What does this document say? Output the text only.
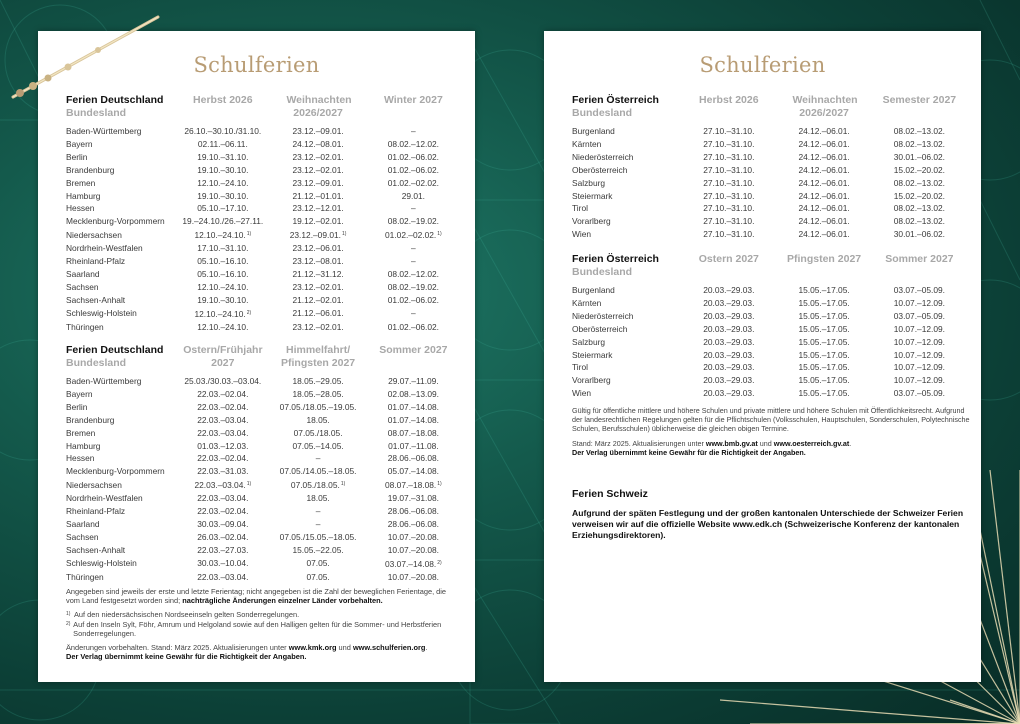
Schulferien
Ferien Deutschland
Bundesland	Herbst 2026	Weihnachten 2026/2027	Winter 2027

Baden-Württemberg	26.10.–30.10./31.10.	23.12.–09.01.	–
Bayern	02.11.–06.11.	24.12.–08.01.	08.02.–12.02.
Berlin	19.10.–31.10.	23.12.–02.01.	01.02.–06.02.
Brandenburg	19.10.–30.10.	23.12.–02.01.	01.02.–06.02.
Bremen	12.10.–24.10.	23.12.–09.01.	01.02.–02.02.
Hamburg	19.10.–30.10.	21.12.–01.01.	29.01.
Hessen	05.10.–17.10.	23.12.–12.01.	–
Mecklenburg-Vorpommern	19.–24.10./26.–27.11.	19.12.–02.01.	08.02.–19.02.
Niedersachsen	12.10.–24.10.$^{1)}$	23.12.–09.01.$^{1)}$	01.02.–02.02.$^{1)}$
Nordrhein-Westfalen	17.10.–31.10.	23.12.–06.01.	–
Rheinland-Pfalz	05.10.–16.10.	23.12.–08.01.	–
Saarland	05.10.–16.10.	21.12.–31.12.	08.02.–12.02.
Sachsen	12.10.–24.10.	23.12.–02.01.	08.02.–19.02.
Sachsen-Anhalt	19.10.–30.10.	21.12.–02.01.	01.02.–06.02.
Schleswig-Holstein	12.10.–24.10.$^{2)}$	21.12.–06.01.	–
Thüringen	12.10.–24.10.	23.12.–02.01.	01.02.–06.02.
Ferien Deutschland
Bundesland	Ostern/Frühjahr 2027	Himmelfahrt/ Pfingsten 2027	Sommer 2027

Baden-Württemberg	25.03./30.03.–03.04.	18.05.–29.05.	29.07.–11.09.
Bayern	22.03.–02.04.	18.05.–28.05.	02.08.–13.09.
Berlin	22.03.–02.04.	07.05./18.05.–19.05.	01.07.–14.08.
Brandenburg	22.03.–03.04.	18.05.	01.07.–14.08.
Bremen	22.03.–03.04.	07.05./18.05.	08.07.–18.08.
Hamburg	01.03.–12.03.	07.05.–14.05.	01.07.–11.08.
Hessen	22.03.–02.04.	–	28.06.–06.08.
Mecklenburg-Vorpommern	22.03.–31.03.	07.05./14.05.–18.05.	05.07.–14.08.
Niedersachsen	22.03.–03.04.$^{1)}$	07.05./18.05.$^{1)}$	08.07.–18.08.$^{1)}$
Nordrhein-Westfalen	22.03.–03.04.	18.05.	19.07.–31.08.
Rheinland-Pfalz	22.03.–02.04.	–	28.06.–06.08.
Saarland	30.03.–09.04.	–	28.06.–06.08.
Sachsen	26.03.–02.04.	07.05./15.05.–18.05.	10.07.–20.08.
Sachsen-Anhalt	22.03.–27.03.	15.05.–22.05.	10.07.–20.08.
Schleswig-Holstein	30.03.–10.04.	07.05.	03.07.–14.08.$^{2)}$
Thüringen	22.03.–03.04.	07.05.	10.07.–20.08.

Angegeben sind jeweils der erste und letzte Ferientag; nicht angegeben ist die Zahl der beweglichen Ferientage, die vom Land festgesetzt worden sind; nachträgliche Änderungen einzelner Länder vorbehalten.

1) Auf den niedersächsischen Nordseeinseln gelten Sonderregelungen.
2) Auf den Inseln Sylt, Föhr, Amrum und Helgoland sowie auf den Halligen gelten für die Sommer- und Herbstferien Sonderregelungen.

Änderungen vorbehalten. Stand: März 2025. Aktualisierungen unter www.kmk.org und www.schulferien.org.
Der Verlag übernimmt keine Gewähr für die Richtigkeit der Angaben.

Schulferien
Ferien Österreich
Bundesland	Herbst 2026	Weihnachten 2026/2027	Semester 2027

Burgenland	27.10.–31.10.	24.12.–06.01.	08.02.–13.02.
Kärnten	27.10.–31.10.	24.12.–06.01.	08.02.–13.02.
Niederösterreich	27.10.–31.10.	24.12.–06.01.	30.01.–06.02.
Oberösterreich	27.10.–31.10.	24.12.–06.01.	15.02.–20.02.
Salzburg	27.10.–31.10.	24.12.–06.01.	08.02.–13.02.
Steiermark	27.10.–31.10.	24.12.–06.01.	15.02.–20.02.
Tirol	27.10.–31.10.	24.12.–06.01.	08.02.–13.02.
Vorarlberg	27.10.–31.10.	24.12.–06.01.	08.02.–13.02.
Wien	27.10.–31.10.	24.12.–06.01.	30.01.–06.02.
Ferien Österreich
Bundesland	Ostern 2027	Pfingsten 2027	Sommer 2027

Burgenland	20.03.–29.03.	15.05.–17.05.	03.07.–05.09.
Kärnten	20.03.–29.03.	15.05.–17.05.	10.07.–12.09.
Niederösterreich	20.03.–29.03.	15.05.–17.05.	03.07.–05.09.
Oberösterreich	20.03.–29.03.	15.05.–17.05.	10.07.–12.09.
Salzburg	20.03.–29.03.	15.05.–17.05.	10.07.–12.09.
Steiermark	20.03.–29.03.	15.05.–17.05.	10.07.–12.09.
Tirol	20.03.–29.03.	15.05.–17.05.	10.07.–12.09.
Vorarlberg	20.03.–29.03.	15.05.–17.05.	10.07.–12.09.
Wien	20.03.–29.03.	15.05.–17.05.	03.07.–05.09.

Gültig für öffentliche mittlere und höhere Schulen und private mittlere und höhere Schulen mit Öffentlichkeitsrecht. Aufgrund der landesrechtlichen Regelungen gelten für die Pflichtschulen (Volksschulen, Hauptschulen, Sonderschulen, Polytechnische Schulen, Berufsschulen) üblicherweise die gleichen obigen Termine.

Stand: März 2025. Aktualisierungen unter www.bmb.gv.at und www.oesterreich.gv.at.
Der Verlag übernimmt keine Gewähr für die Richtigkeit der Angaben.

Ferien Schweiz
Aufgrund der späten Festlegung und der großen kantonalen Unterschiede der Schweizer Ferien verweisen wir auf die offizielle Website www.edk.ch (Schweizerische Konferenz der kantonalen Erziehungsdirektoren).
